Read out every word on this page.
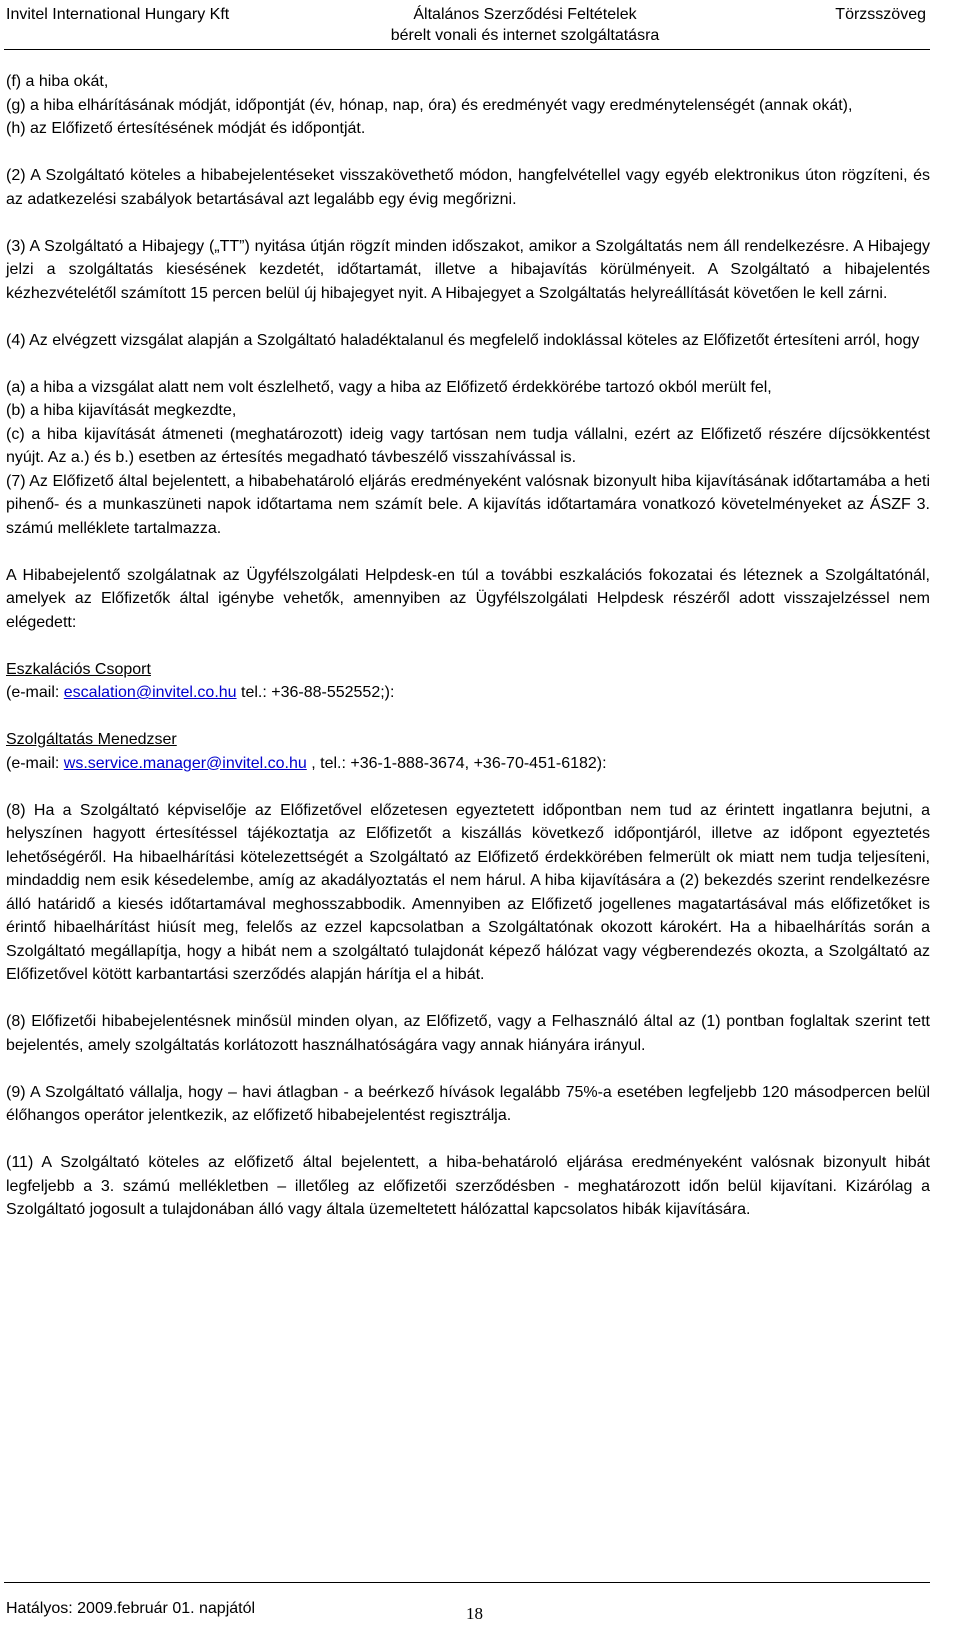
Invitel International Hungary Kft	Általános Szerződési Feltételek
bérelt vonali és internet szolgáltatásra
Törzsszöveg

(f) a hiba okát,

(g) a hiba elhárításának módját, időpontját (év, hónap, nap, óra) és eredményét vagy eredménytelenségét (annak okát),

(h) az Előfizető értesítésének módját és időpontját.

(2) A Szolgáltató köteles a hibabejelentéseket visszakövethető módon, hangfelvétellel vagy egyéb elektronikus úton rögzíteni, és az adatkezelési szabályok betartásával azt legalább egy évig megőrizni.

(3) A Szolgáltató a Hibajegy („TT”) nyitása útján rögzít minden időszakot, amikor a Szolgáltatás nem áll rendelkezésre. A Hibajegy jelzi a szolgáltatás kiesésének kezdetét, időtartamát, illetve a hibajavítás körülményeit. A Szolgáltató a hibajelentés kézhezvételétől számított 15 percen belül új hibajegyet nyit. A Hibajegyet a Szolgáltatás helyreállítását követően le kell zárni.

(4) Az elvégzett vizsgálat alapján a Szolgáltató haladéktalanul és megfelelő indoklással köteles az Előfizetőt értesíteni arról, hogy

(a) a hiba a vizsgálat alatt nem volt észlelhető, vagy a hiba az Előfizető érdekkörébe tartozó okból merült fel,

(b) a hiba kijavítását megkezdte,

(c) a hiba kijavítását átmeneti (meghatározott) ideig vagy tartósan nem tudja vállalni, ezért az Előfizető részére díjcsökkentést nyújt. Az a.) és b.) esetben az értesítés megadható távbeszélő visszahívással is.

(7) Az Előfizető által bejelentett, a hibabehatároló eljárás eredményeként valósnak bizonyult hiba kijavításának időtartamába a heti pihenő- és a munkaszüneti napok időtartama nem számít bele. A kijavítás időtartamára vonatkozó követelményeket az ÁSZF 3. számú melléklete tartalmazza.

A Hibabejelentő szolgálatnak az Ügyfélszolgálati Helpdesk-en túl a további eszkalációs fokozatai és léteznek a Szolgáltatónál, amelyek az Előfizetők által igénybe vehetők, amennyiben az Ügyfélszolgálati Helpdesk részéről adott visszajelzéssel nem elégedett:

Eszkalációs Csoport

(e-mail: escalation@invitel.co.hu tel.: +36-88-552552;):

Szolgáltatás Menedzser

(e-mail: ws.service.manager@invitel.co.hu , tel.: +36-1-888-3674, +36-70-451-6182):

(8) Ha a Szolgáltató képviselője az Előfizetővel előzetesen egyeztetett időpontban nem tud az érintett ingatlanra bejutni, a helyszínen hagyott értesítéssel tájékoztatja az Előfizetőt a kiszállás következő időpontjáról, illetve az időpont egyeztetés lehetőségéről. Ha hibaelhárítási kötelezettségét a Szolgáltató az Előfizető érdekkörében felmerült ok miatt nem tudja teljesíteni, mindaddig nem esik késedelembe, amíg az akadályoztatás el nem hárul. A hiba kijavítására a (2) bekezdés szerint rendelkezésre álló határidő a kiesés időtartamával meghosszabbodik. Amennyiben az Előfizető jogellenes magatartásával más előfizetőket is érintő hibaelhárítást hiúsít meg, felelős az ezzel kapcsolatban a Szolgáltatónak okozott károkért. Ha a hibaelhárítás során a Szolgáltató megállapítja, hogy a hibát nem a szolgáltató tulajdonát képező hálózat vagy végberendezés okozta, a Szolgáltató az Előfizetővel kötött karbantartási szerződés alapján hárítja el a hibát.

(8) Előfizetői hibabejelentésnek minősül minden olyan, az Előfizető, vagy a Felhasználó által az (1) pontban foglaltak szerint tett bejelentés, amely szolgáltatás korlátozott használhatóságára vagy annak hiányára irányul.

(9) A Szolgáltató vállalja, hogy – havi átlagban - a beérkező hívások legalább 75%-a esetében legfeljebb 120 másodpercen belül élőhangos operátor jelentkezik, az előfizető hibabejelentést regisztrálja.

(11) A Szolgáltató köteles az előfizető által bejelentett, a hiba-behatároló eljárása eredményeként valósnak bizonyult hibát legfeljebb a 3. számú mellékletben – illetőleg az előfizetői szerződésben - meghatározott időn belül kijavítani. Kizárólag a Szolgáltató jogosult a tulajdonában álló vagy általa üzemeltetett hálózattal kapcsolatos hibák kijavítására.

Hatályos: 2009.február 01. napjától	18
